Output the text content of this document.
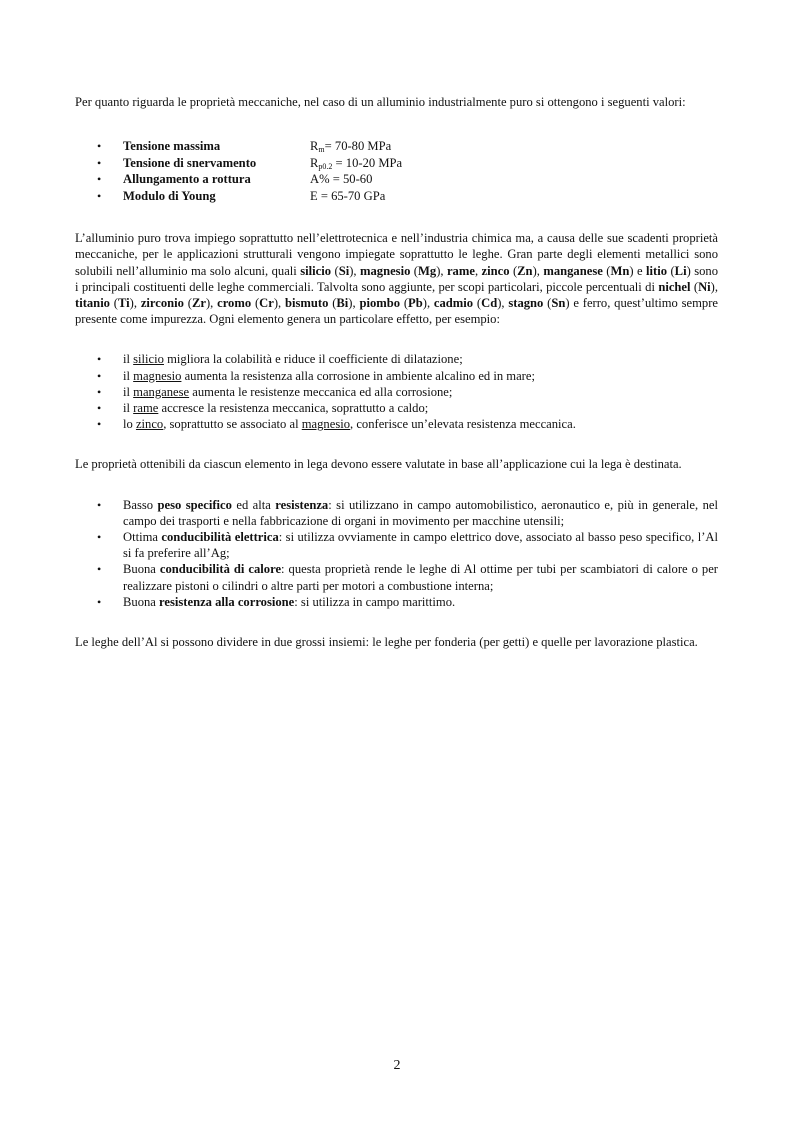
Per quanto riguarda le proprietà meccaniche, nel caso di un alluminio industrialmente puro si ottengono i seguenti valori:

• Tensione massima	$R_m= 70-80$ MPa
• Tensione di snervamento	$R_{p0.2} = 10-20$ MPa
• Allungamento a rottura	A% = 50-60
• Modulo di Young	E = 65-70 GPa

L’alluminio puro trova impiego soprattutto nell’elettrotecnica e nell’industria chimica ma, a causa delle sue scadenti proprietà meccaniche, per le applicazioni strutturali vengono impiegate soprattutto le leghe. Gran parte degli elementi metallici sono solubili nell’alluminio ma solo alcuni, quali silicio (Si), magnesio (Mg), rame, zinco (Zn), manganese (Mn) e litio (Li) sono i principali costituenti delle leghe commerciali. Talvolta sono aggiunte, per scopi particolari, piccole percentuali di nichel (Ni), titanio (Ti), zirconio (Zr), cromo (Cr), bismuto (Bi), piombo (Pb), cadmio (Cd), stagno (Sn) e ferro, quest’ultimo sempre presente come impurezza. Ogni elemento genera un particolare effetto, per esempio:

• il silicio migliora la colabilità e riduce il coefficiente di dilatazione;
• il magnesio aumenta la resistenza alla corrosione in ambiente alcalino ed in mare;
• il manganese aumenta le resistenze meccanica ed alla corrosione;
• il rame accresce la resistenza meccanica, soprattutto a caldo;
• lo zinco, soprattutto se associato al magnesio, conferisce un’elevata resistenza meccanica.

Le proprietà ottenibili da ciascun elemento in lega devono essere valutate in base all’applicazione cui la lega è destinata.

• Basso peso specifico ed alta resistenza: si utilizzano in campo automobilistico, aeronautico e, più in generale, nel campo dei trasporti e nella fabbricazione di organi in movimento per macchine utensili;
• Ottima conducibilità elettrica: si utilizza ovviamente in campo elettrico dove, associato al basso peso specifico, l’Al si fa preferire all’Ag;
• Buona conducibilità di calore: questa proprietà rende le leghe di Al ottime per tubi per scambiatori di calore o per realizzare pistoni o cilindri o altre parti per motori a combustione interna;
• Buona resistenza alla corrosione: si utilizza in campo marittimo.

Le leghe dell’Al si possono dividere in due grossi insiemi: le leghe per fonderia (per getti) e quelle per lavorazione plastica.

2
